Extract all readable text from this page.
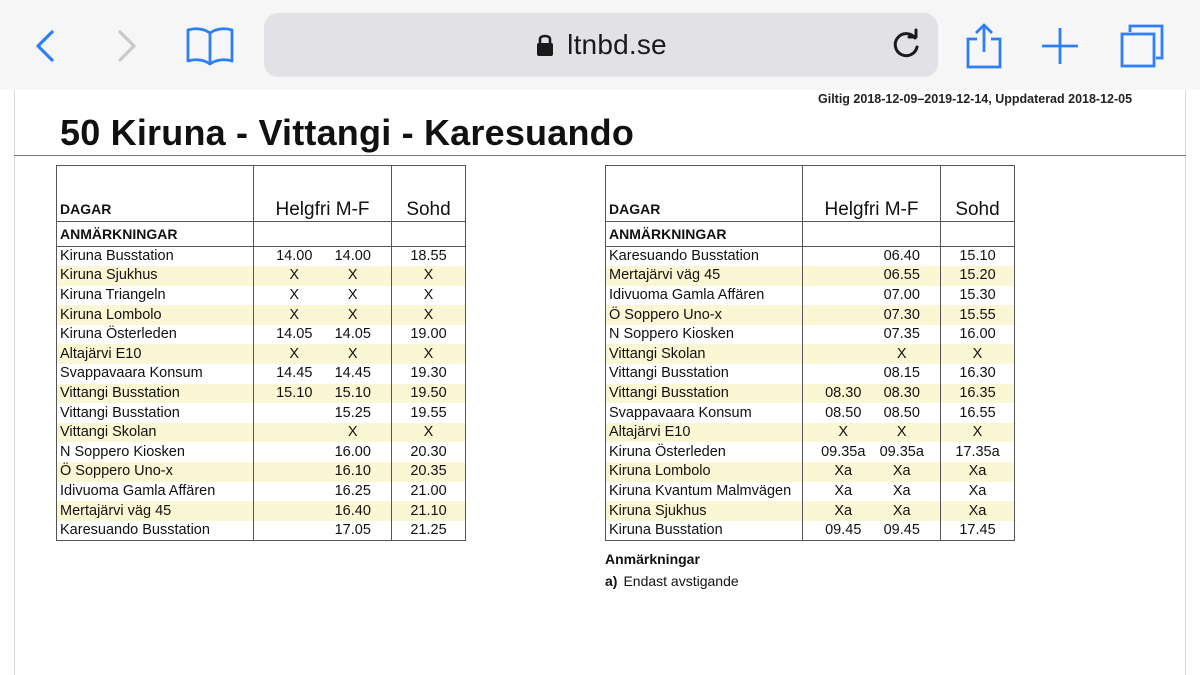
ltnbd.se
Giltig 2018-12-09–2019-12-14, Uppdaterad 2018-12-05
50 Kiruna - Vittangi - Karesuando
DAGAR	Helgfri M-F	Sohd
ANMÄRKNINGAR		
Kiruna Busstation	14.00 14.00	18.55
Kiruna Sjukhus	X X	X
Kiruna Triangeln	X X	X
Kiruna Lombolo	X X	X
Kiruna Österleden	14.05 14.05	19.00
Altajärvi E10	X X	X
Svappavaara Konsum	14.45 14.45	19.30
Vittangi Busstation	15.10 15.10	19.50
Vittangi Busstation	15.25	19.55
Vittangi Skolan	X	X
N Soppero Kiosken	16.00	20.30
Ö Soppero Uno-x	16.10	20.35
Idivuoma Gamla Affären	16.25	21.00
Mertajärvi väg 45	16.40	21.10
Karesuando Busstation	17.05	21.25
DAGAR	Helgfri M-F	Sohd
ANMÄRKNINGAR		
Karesuando Busstation	06.40	15.10
Mertajärvi väg 45	06.55	15.20
Idivuoma Gamla Affären	07.00	15.30
Ö Soppero Uno-x	07.30	15.55
N Soppero Kiosken	07.35	16.00
Vittangi Skolan	X	X
Vittangi Busstation	08.15	16.30
Vittangi Busstation	08.30 08.30	16.35
Svappavaara Konsum	08.50 08.50	16.55
Altajärvi E10	X X	X
Kiruna Österleden	09.35a 09.35a	17.35a
Kiruna Lombolo	Xa Xa	Xa
Kiruna Kvantum Malmvägen	Xa Xa	Xa
Kiruna Sjukhus	Xa Xa	Xa
Kiruna Busstation	09.45 09.45	17.45
Anmärkningar
a) Endast avstigande
